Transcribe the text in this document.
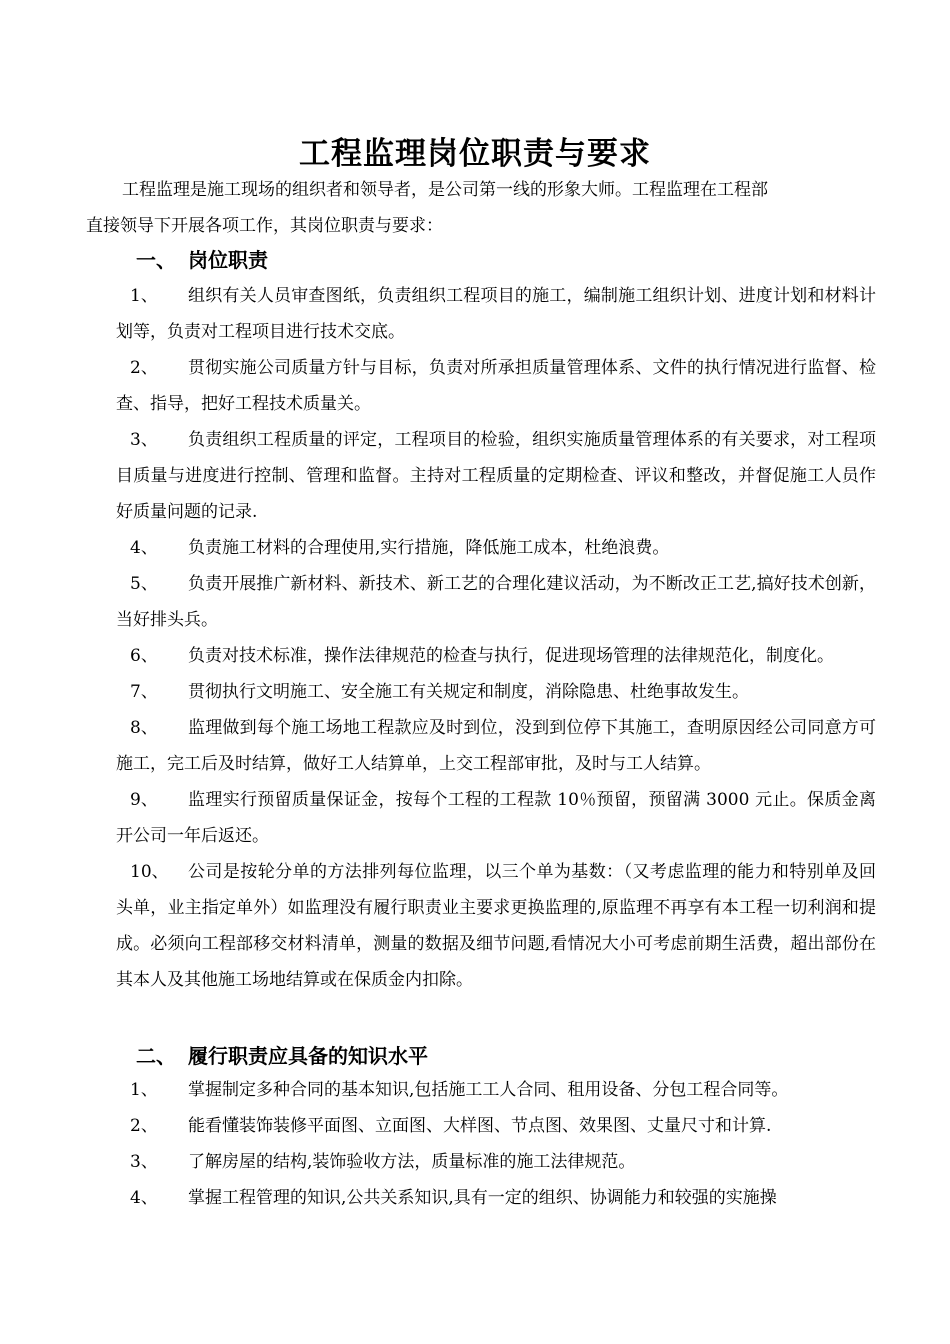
工程监理岗位职责与要求

工程监理是施工现场的组织者和领导者，是公司第一线的形象大师。工程监理在工程部
直接领导下开展各项工作，其岗位职责与要求：

一、 岗位职责
1、	组织有关人员审查图纸，负责组织工程项目的施工，编制施工组织计划、进度计划和材料计划等，负责对工程项目进行技术交底。
2、	贯彻实施公司质量方针与目标，负责对所承担质量管理体系、文件的执行情况进行监督、检查、指导，把好工程技术质量关。
3、	负责组织工程质量的评定，工程项目的检验，组织实施质量管理体系的有关要求，对工程项目质量与进度进行控制、管理和监督。主持对工程质量的定期检查、评议和整改，并督促施工人员作好质量问题的记录.
4、	负责施工材料的合理使用,实行措施，降低施工成本，杜绝浪费。
5、	负责开展推广新材料、新技术、新工艺的合理化建议活动，为不断改正工艺,搞好技术创新，当好排头兵。
6、	负责对技术标准，操作法律规范的检查与执行，促进现场管理的法律规范化，制度化。
7、	贯彻执行文明施工、安全施工有关规定和制度，消除隐患、杜绝事故发生。
8、	监理做到每个施工场地工程款应及时到位，没到到位停下其施工，查明原因经公司同意方可施工，完工后及时结算，做好工人结算单，上交工程部审批，及时与工人结算。
9、	监理实行预留质量保证金，按每个工程的工程款 10％预留，预留满 3000 元止。保质金离开公司一年后返还。
10、	公司是按轮分单的方法排列每位监理，以三个单为基数：（又考虑监理的能力和特别单及回头单，业主指定单外）如监理没有履行职责业主要求更换监理的,原监理不再享有本工程一切利润和提成。必须向工程部移交材料清单，测量的数据及细节问题,看情况大小可考虑前期生活费，超出部份在其本人及其他施工场地结算或在保质金内扣除。
二、 履行职责应具备的知识水平
1、	掌握制定多种合同的基本知识,包括施工工人合同、租用设备、分包工程合同等。
2、	能看懂装饰装修平面图、立面图、大样图、节点图、效果图、丈量尺寸和计算.
3、	了解房屋的结构,装饰验收方法，质量标准的施工法律规范。
4、	掌握工程管理的知识,公共关系知识,具有一定的组织、协调能力和较强的实施操
